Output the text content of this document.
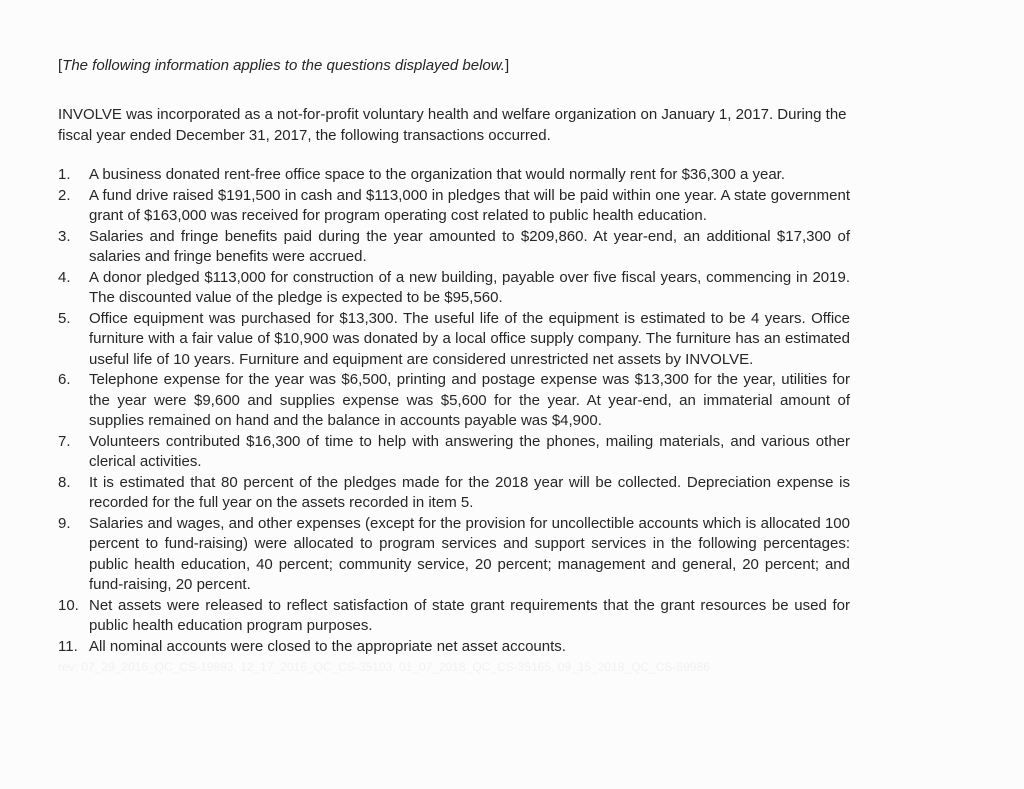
[The following information applies to the questions displayed below.]

INVOLVE was incorporated as a not-for-profit voluntary health and welfare organization on January 1, 2017. During the fiscal year ended December 31, 2017, the following transactions occurred.

1.	A business donated rent-free office space to the organization that would normally rent for $36,300 a year.
2.	A fund drive raised $191,500 in cash and $113,000 in pledges that will be paid within one year. A state government grant of $163,000 was received for program operating cost related to public health education.
3.	Salaries and fringe benefits paid during the year amounted to $209,860. At year-end, an additional $17,300 of salaries and fringe benefits were accrued.
4.	A donor pledged $113,000 for construction of a new building, payable over five fiscal years, commencing in 2019. The discounted value of the pledge is expected to be $95,560.
5.	Office equipment was purchased for $13,300. The useful life of the equipment is estimated to be 4 years. Office furniture with a fair value of $10,900 was donated by a local office supply company. The furniture has an estimated useful life of 10 years. Furniture and equipment are considered unrestricted net assets by INVOLVE.
6.	Telephone expense for the year was $6,500, printing and postage expense was $13,300 for the year, utilities for the year were $9,600 and supplies expense was $5,600 for the year. At year-end, an immaterial amount of supplies remained on hand and the balance in accounts payable was $4,900.
7.	Volunteers contributed $16,300 of time to help with answering the phones, mailing materials, and various other clerical activities.
8.	It is estimated that 80 percent of the pledges made for the 2018 year will be collected. Depreciation expense is recorded for the full year on the assets recorded in item 5.
9.	Salaries and wages, and other expenses (except for the provision for uncollectible accounts which is allocated 100 percent to fund-raising) were allocated to program services and support services in the following percentages: public health education, 40 percent; community service, 20 percent; management and general, 20 percent; and fund-raising, 20 percent.
10. Net assets were released to reflect satisfaction of state grant requirements that the grant resources be used for public health education program purposes.
11. All nominal accounts were closed to the appropriate net asset accounts.

rev: 07_29_2016_QC_CS-19893, 12_17_2016_QC_CS-35103, 01_07_2018_QC_CS-35165, 09_15_2018_QC_CS-59986
